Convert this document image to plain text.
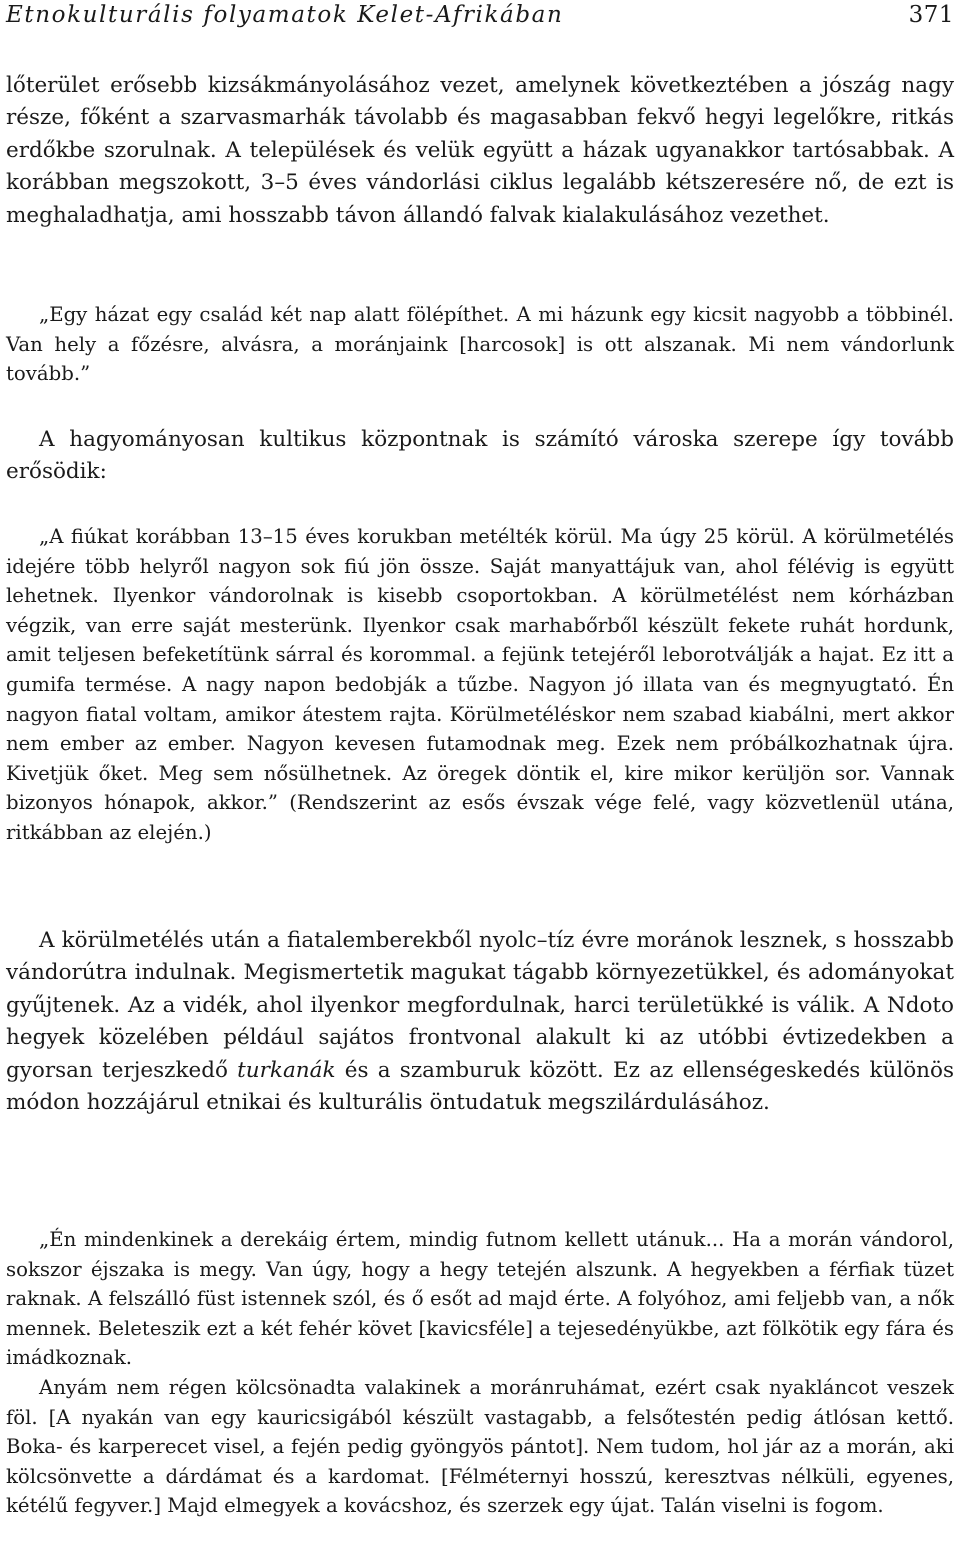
Etnokulturális folyamatok Kelet-Afrikában	371

lőterület erősebb kizsákmányolásához vezet, amelynek következtében a jószág nagy része, főként a szarvasmarhák távolabb és magasabban fekvő hegyi legelőkre, ritkás erdőkbe szorulnak. A települések és velük együtt a házak ugyanakkor tartósabbak. A korábban megszokott, 3–5 éves vándorlási ciklus legalább kétszeresére nő, de ezt is meghaladhatja, ami hosszabb távon állandó falvak kialakulásához vezethet.

„Egy házat egy család két nap alatt fölépíthet. A mi házunk egy kicsit nagyobb a többinél. Van hely a főzésre, alvásra, a moránjaink [harcosok] is ott alszanak. Mi nem vándorlunk tovább.”

A hagyományosan kultikus központnak is számító városka szerepe így tovább erősödik:

„A fiúkat korábban 13–15 éves korukban metélték körül. Ma úgy 25 körül. A körülmetélés idejére több helyről nagyon sok fiú jön össze. Saját manyattájuk van, ahol félévig is együtt lehetnek. Ilyenkor vándorolnak is kisebb csoportokban. A körülmetélést nem kórházban végzik, van erre saját mesterünk. Ilyenkor csak marhabőrből készült fekete ruhát hordunk, amit teljesen befeketítünk sárral és korommal. a fejünk tetejéről leborotválják a hajat. Ez itt a gumifa termése. A nagy napon bedobják a tűzbe. Nagyon jó illata van és megnyugtató. Én nagyon fiatal voltam, amikor átestem rajta. Körülmetéléskor nem szabad kiabálni, mert akkor nem ember az ember. Nagyon kevesen futamodnak meg. Ezek nem próbálkozhatnak újra. Kivetjük őket. Meg sem nősülhetnek. Az öregek döntik el, kire mikor kerüljön sor. Vannak bizonyos hónapok, akkor.” (Rendszerint az esős évszak vége felé, vagy közvetlenül utána, ritkábban az elején.)

A körülmetélés után a fiatalemberekből nyolc–tíz évre moránok lesznek, s hosszabb vándorútra indulnak. Megismertetik magukat tágabb környezetükkel, és adományokat gyűjtenek. Az a vidék, ahol ilyenkor megfordulnak, harci területükké is válik. A Ndoto hegyek közelében például sajátos frontvonal alakult ki az utóbbi évtizedekben a gyorsan terjeszkedő turkanák és a szamburuk között. Ez az ellenségeskedés különös módon hozzájárul etnikai és kulturális öntudatuk megszilárdulásához.

„Én mindenkinek a derekáig értem, mindig futnom kellett utánuk... Ha a morán vándorol, sokszor éjszaka is megy. Van úgy, hogy a hegy tetején alszunk. A hegyekben a férfiak tüzet raknak. A felszálló füst istennek szól, és ő esőt ad majd érte. A folyóhoz, ami feljebb van, a nők mennek. Beleteszik ezt a két fehér követ [kavicsféle] a tejesedényükbe, azt fölkötik egy fára és imádkoznak.

Anyám nem régen kölcsönadta valakinek a moránruhámat, ezért csak nyakláncot veszek föl. [A nyakán van egy kauricsigából készült vastagabb, a felsőtestén pedig átlósan kettő. Boka- és karperecet visel, a fején pedig gyöngyös pántot]. Nem tudom, hol jár az a morán, aki kölcsönvette a dárdámat és a kardomat. [Félméternyi hosszú, keresztvas nélküli, egyenes, kétélű fegyver.] Majd elmegyek a kovácshoz, és szerzek egy újat. Talán viselni is fogom.
